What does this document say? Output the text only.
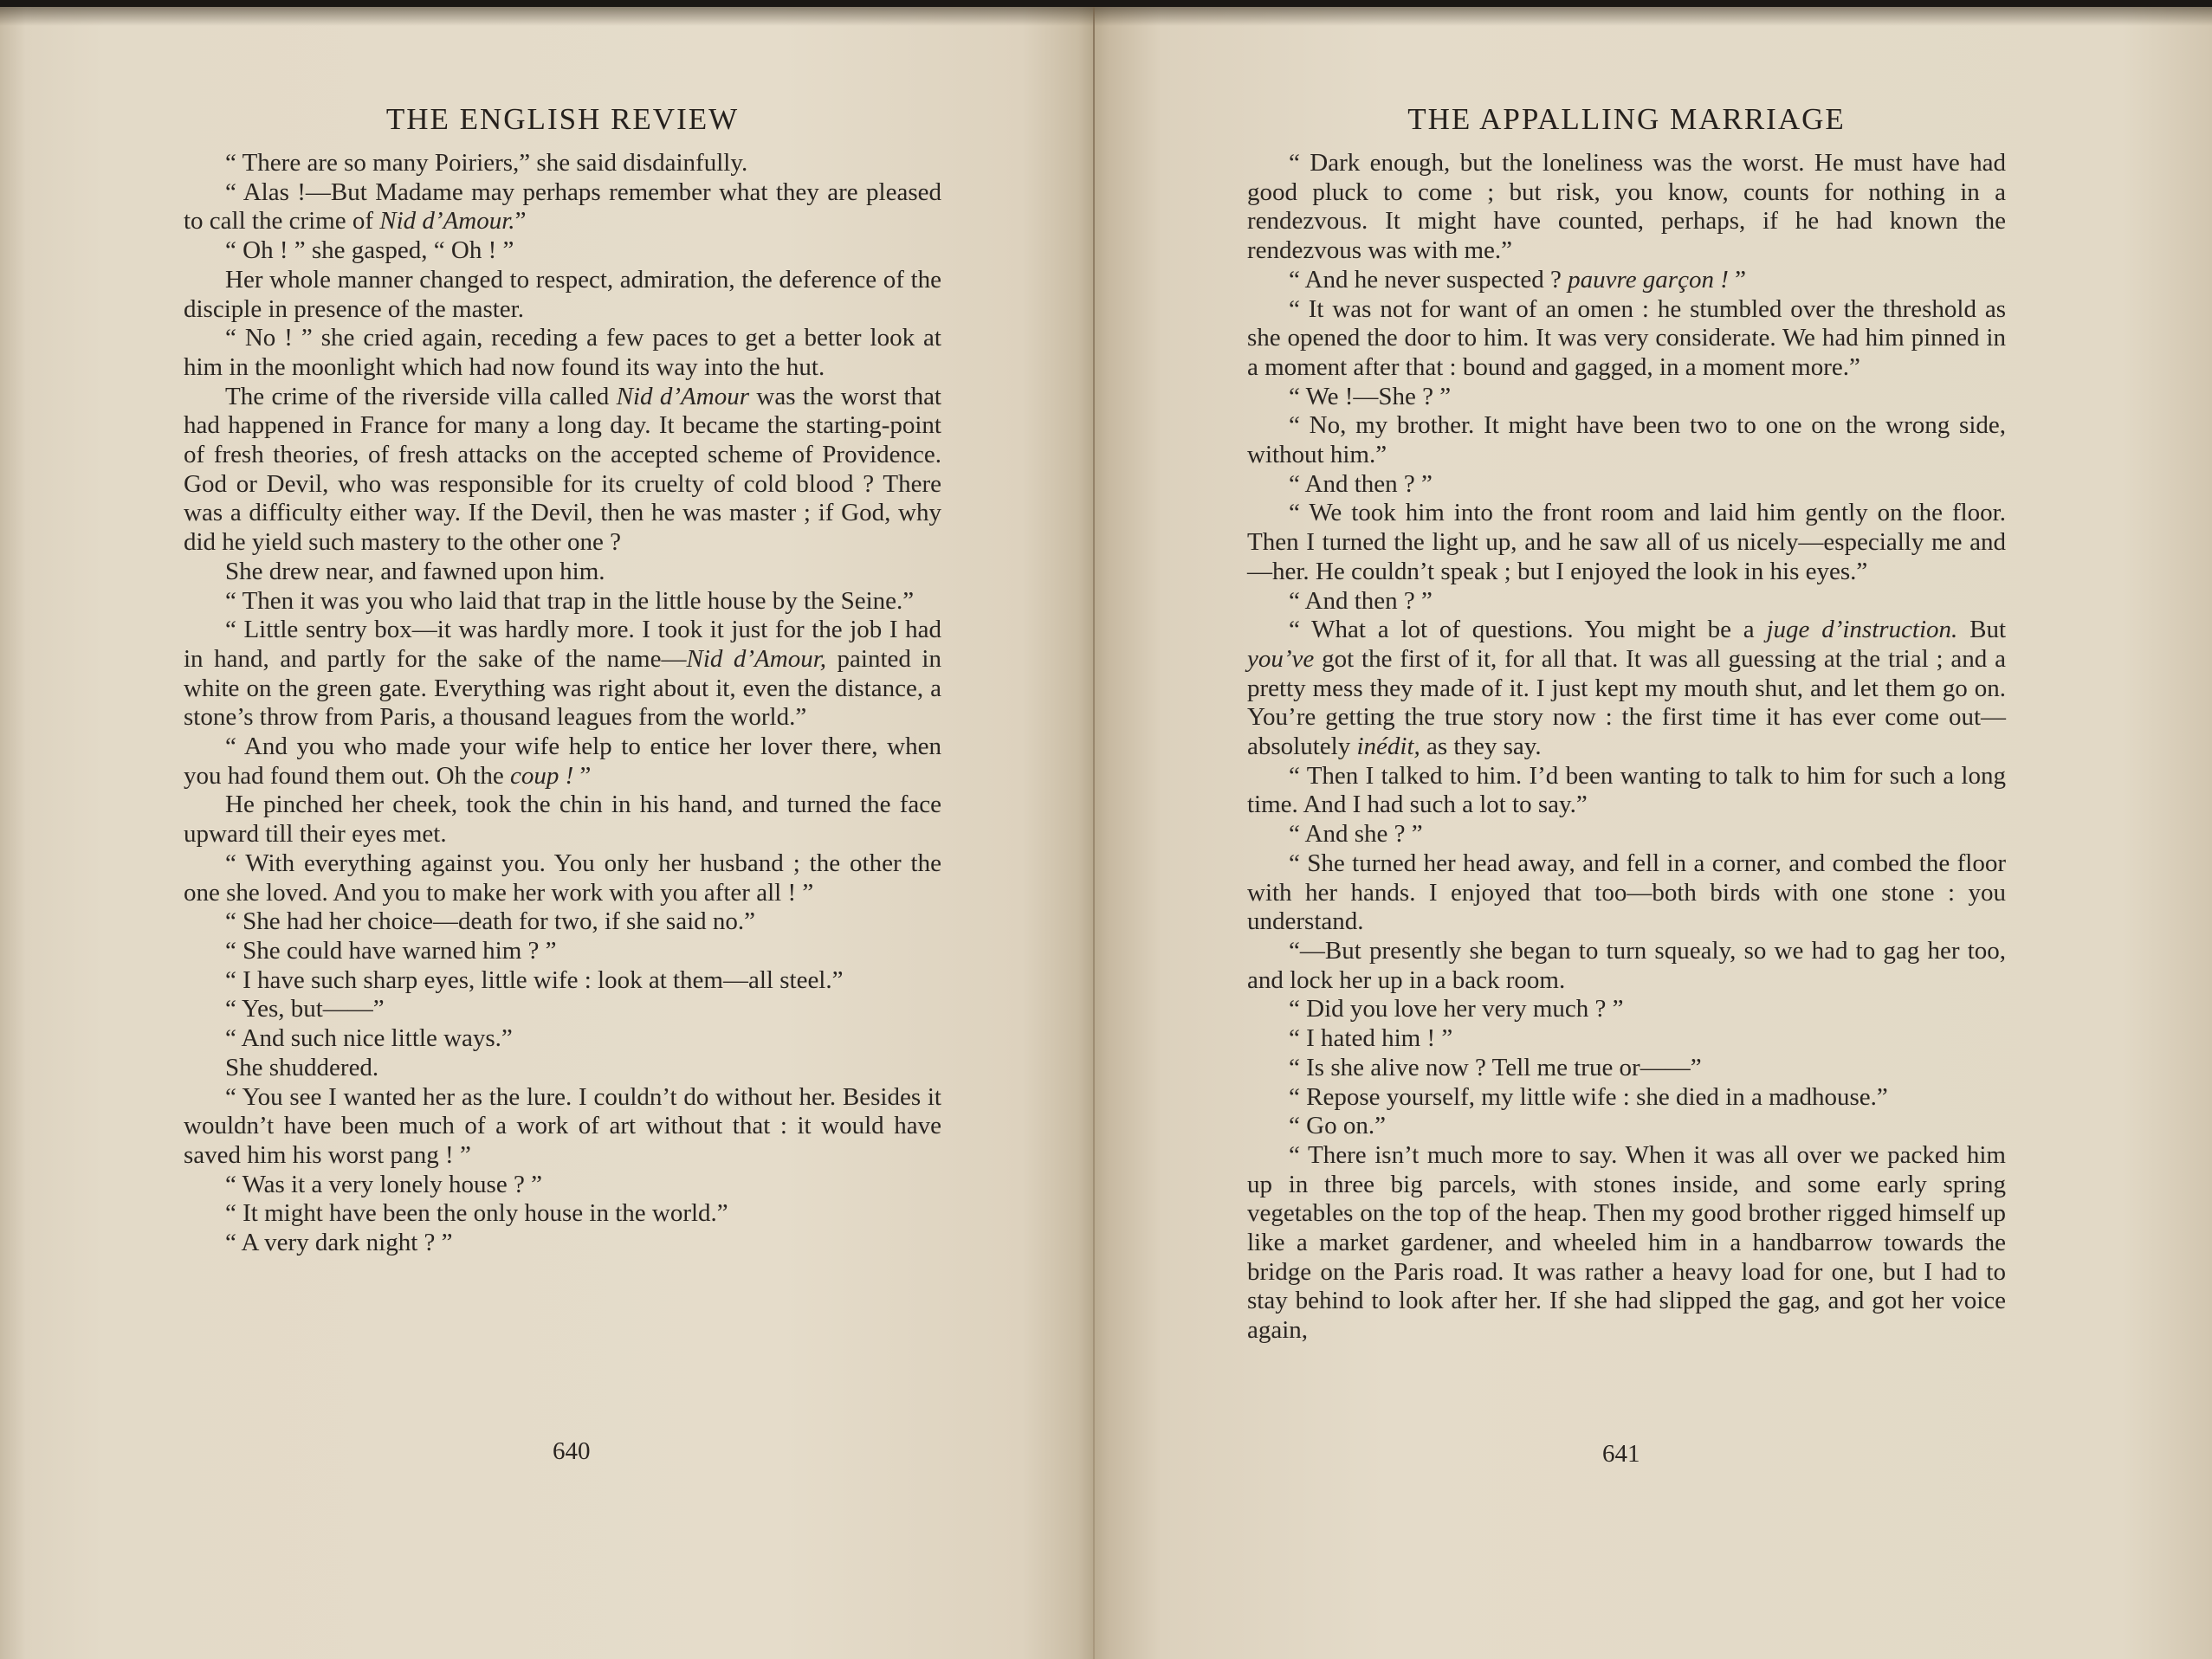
THE ENGLISH REVIEW

“ There are so many Poiriers,” she said disdainfully.

“ Alas !—But Madame may perhaps remember what they are pleased to call the crime of Nid d’Amour.”

“ Oh ! ” she gasped, “ Oh ! ”

Her whole manner changed to respect, admiration, the deference of the disciple in presence of the master.

“ No ! ” she cried again, receding a few paces to get a better look at him in the moonlight which had now found its way into the hut.

The crime of the riverside villa called Nid d’Amour was the worst that had happened in France for many a long day. It became the starting-point of fresh theories, of fresh attacks on the accepted scheme of Providence. God or Devil, who was responsible for its cruelty of cold blood ? There was a difficulty either way. If the Devil, then he was master ; if God, why did he yield such mastery to the other one ?

She drew near, and fawned upon him.

“ Then it was you who laid that trap in the little house by the Seine.”

“ Little sentry box—it was hardly more. I took it just for the job I had in hand, and partly for the sake of the name—Nid d’Amour, painted in white on the green gate. Everything was right about it, even the distance, a stone’s throw from Paris, a thousand leagues from the world.”

“ And you who made your wife help to entice her lover there, when you had found them out. Oh the coup ! ”

He pinched her cheek, took the chin in his hand, and turned the face upward till their eyes met.

“ With everything against you. You only her husband ; the other the one she loved. And you to make her work with you after all ! ”

“ She had her choice—death for two, if she said no.”

“ She could have warned him ? ”

“ I have such sharp eyes, little wife : look at them—all steel.”

“ Yes, but——”

“ And such nice little ways.”

She shuddered.

“ You see I wanted her as the lure. I couldn’t do without her. Besides it wouldn’t have been much of a work of art without that : it would have saved him his worst pang ! ”

“ Was it a very lonely house ? ”

“ It might have been the only house in the world.”

“ A very dark night ? ”

640
THE APPALLING MARRIAGE

“ Dark enough, but the loneliness was the worst. He must have had good pluck to come ; but risk, you know, counts for nothing in a rendezvous. It might have counted, perhaps, if he had known the rendezvous was with me.”

“ And he never suspected ? pauvre garçon ! ”

“ It was not for want of an omen : he stumbled over the threshold as she opened the door to him. It was very considerate. We had him pinned in a moment after that : bound and gagged, in a moment more.”

“ We !—She ? ”

“ No, my brother. It might have been two to one on the wrong side, without him.”

“ And then ? ”

“ We took him into the front room and laid him gently on the floor. Then I turned the light up, and he saw all of us nicely—especially me and—her. He couldn’t speak ; but I enjoyed the look in his eyes.”

“ And then ? ”

“ What a lot of questions. You might be a juge d’instruction. But you’ve got the first of it, for all that. It was all guessing at the trial ; and a pretty mess they made of it. I just kept my mouth shut, and let them go on. You’re getting the true story now : the first time it has ever come out—absolutely inédit, as they say.

“ Then I talked to him. I’d been wanting to talk to him for such a long time. And I had such a lot to say.”

“ And she ? ”

“ She turned her head away, and fell in a corner, and combed the floor with her hands. I enjoyed that too—both birds with one stone : you understand.

“—But presently she began to turn squealy, so we had to gag her too, and lock her up in a back room.

“ Did you love her very much ? ”

“ I hated him ! ”

“ Is she alive now ? Tell me true or——”

“ Repose yourself, my little wife : she died in a madhouse.”

“ Go on.”

“ There isn’t much more to say. When it was all over we packed him up in three big parcels, with stones inside, and some early spring vegetables on the top of the heap. Then my good brother rigged himself up like a market gardener, and wheeled him in a handbarrow towards the bridge on the Paris road. It was rather a heavy load for one, but I had to stay behind to look after her. If she had slipped the gag, and got her voice again,

641
